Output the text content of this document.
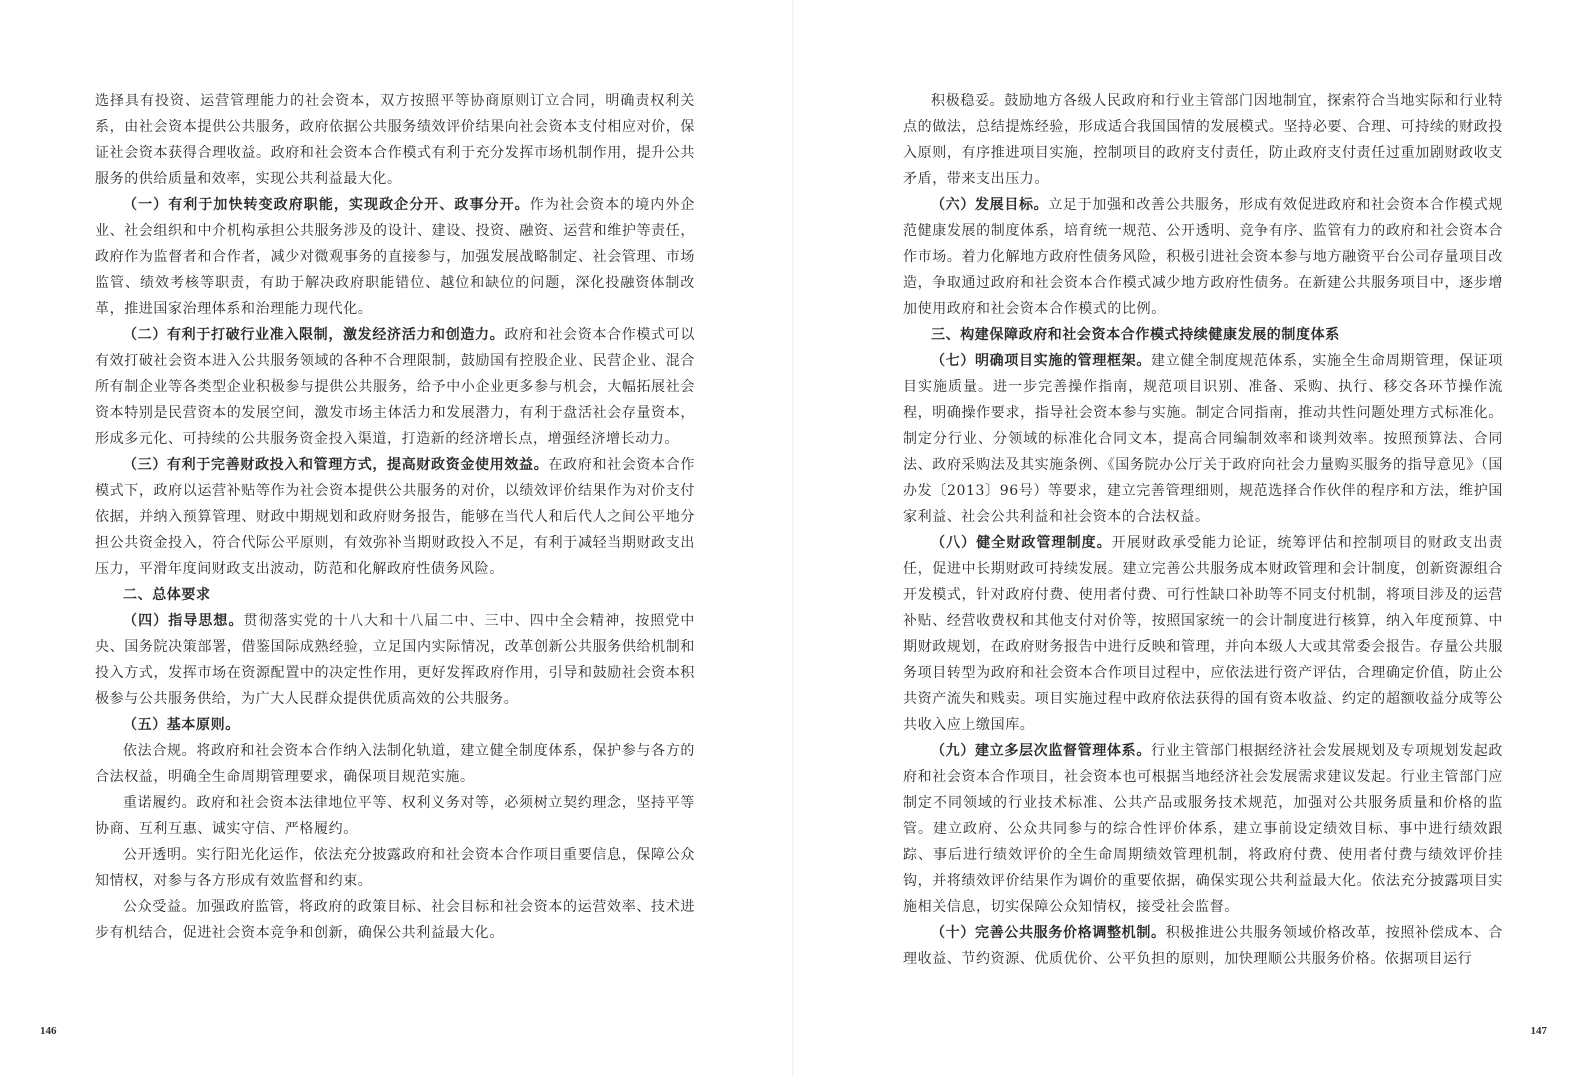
选择具有投资、运营管理能力的社会资本，双方按照平等协商原则订立合同，明确责权利关系，由社会资本提供公共服务，政府依据公共服务绩效评价结果向社会资本支付相应对价，保证社会资本获得合理收益。政府和社会资本合作模式有利于充分发挥市场机制作用，提升公共服务的供给质量和效率，实现公共利益最大化。

（一）有利于加快转变政府职能，实现政企分开、政事分开。作为社会资本的境内外企业、社会组织和中介机构承担公共服务涉及的设计、建设、投资、融资、运营和维护等责任，政府作为监督者和合作者，减少对微观事务的直接参与，加强发展战略制定、社会管理、市场监管、绩效考核等职责，有助于解决政府职能错位、越位和缺位的问题，深化投融资体制改革，推进国家治理体系和治理能力现代化。

（二）有利于打破行业准入限制，激发经济活力和创造力。政府和社会资本合作模式可以有效打破社会资本进入公共服务领域的各种不合理限制，鼓励国有控股企业、民营企业、混合所有制企业等各类型企业积极参与提供公共服务，给予中小企业更多参与机会，大幅拓展社会资本特别是民营资本的发展空间，激发市场主体活力和发展潜力，有利于盘活社会存量资本，形成多元化、可持续的公共服务资金投入渠道，打造新的经济增长点，增强经济增长动力。

（三）有利于完善财政投入和管理方式，提高财政资金使用效益。在政府和社会资本合作模式下，政府以运营补贴等作为社会资本提供公共服务的对价，以绩效评价结果作为对价支付依据，并纳入预算管理、财政中期规划和政府财务报告，能够在当代人和后代人之间公平地分担公共资金投入，符合代际公平原则，有效弥补当期财政投入不足，有利于减轻当期财政支出压力，平滑年度间财政支出波动，防范和化解政府性债务风险。

二、总体要求

（四）指导思想。贯彻落实党的十八大和十八届二中、三中、四中全会精神，按照党中央、国务院决策部署，借鉴国际成熟经验，立足国内实际情况，改革创新公共服务供给机制和投入方式，发挥市场在资源配置中的决定性作用，更好发挥政府作用，引导和鼓励社会资本积极参与公共服务供给，为广大人民群众提供优质高效的公共服务。

（五）基本原则。

依法合规。将政府和社会资本合作纳入法制化轨道，建立健全制度体系，保护参与各方的合法权益，明确全生命周期管理要求，确保项目规范实施。

重诺履约。政府和社会资本法律地位平等、权利义务对等，必须树立契约理念，坚持平等协商、互利互惠、诚实守信、严格履约。

公开透明。实行阳光化运作，依法充分披露政府和社会资本合作项目重要信息，保障公众知情权，对参与各方形成有效监督和约束。

公众受益。加强政府监管，将政府的政策目标、社会目标和社会资本的运营效率、技术进步有机结合，促进社会资本竞争和创新，确保公共利益最大化。

146

积极稳妥。鼓励地方各级人民政府和行业主管部门因地制宜，探索符合当地实际和行业特点的做法，总结提炼经验，形成适合我国国情的发展模式。坚持必要、合理、可持续的财政投入原则，有序推进项目实施，控制项目的政府支付责任，防止政府支付责任过重加剧财政收支矛盾，带来支出压力。

（六）发展目标。立足于加强和改善公共服务，形成有效促进政府和社会资本合作模式规范健康发展的制度体系，培育统一规范、公开透明、竞争有序、监管有力的政府和社会资本合作市场。着力化解地方政府性债务风险，积极引进社会资本参与地方融资平台公司存量项目改造，争取通过政府和社会资本合作模式减少地方政府性债务。在新建公共服务项目中，逐步增加使用政府和社会资本合作模式的比例。

三、构建保障政府和社会资本合作模式持续健康发展的制度体系

（七）明确项目实施的管理框架。建立健全制度规范体系，实施全生命周期管理，保证项目实施质量。进一步完善操作指南，规范项目识别、准备、采购、执行、移交各环节操作流程，明确操作要求，指导社会资本参与实施。制定合同指南，推动共性问题处理方式标准化。制定分行业、分领域的标准化合同文本，提高合同编制效率和谈判效率。按照预算法、合同法、政府采购法及其实施条例、《国务院办公厅关于政府向社会力量购买服务的指导意见》（国办发〔2013〕96号）等要求，建立完善管理细则，规范选择合作伙伴的程序和方法，维护国家利益、社会公共利益和社会资本的合法权益。

（八）健全财政管理制度。开展财政承受能力论证，统筹评估和控制项目的财政支出责任，促进中长期财政可持续发展。建立完善公共服务成本财政管理和会计制度，创新资源组合开发模式，针对政府付费、使用者付费、可行性缺口补助等不同支付机制，将项目涉及的运营补贴、经营收费权和其他支付对价等，按照国家统一的会计制度进行核算，纳入年度预算、中期财政规划，在政府财务报告中进行反映和管理，并向本级人大或其常委会报告。存量公共服务项目转型为政府和社会资本合作项目过程中，应依法进行资产评估，合理确定价值，防止公共资产流失和贱卖。项目实施过程中政府依法获得的国有资本收益、约定的超额收益分成等公共收入应上缴国库。

（九）建立多层次监督管理体系。行业主管部门根据经济社会发展规划及专项规划发起政府和社会资本合作项目，社会资本也可根据当地经济社会发展需求建议发起。行业主管部门应制定不同领域的行业技术标准、公共产品或服务技术规范，加强对公共服务质量和价格的监管。建立政府、公众共同参与的综合性评价体系，建立事前设定绩效目标、事中进行绩效跟踪、事后进行绩效评价的全生命周期绩效管理机制，将政府付费、使用者付费与绩效评价挂钩，并将绩效评价结果作为调价的重要依据，确保实现公共利益最大化。依法充分披露项目实施相关信息，切实保障公众知情权，接受社会监督。

（十）完善公共服务价格调整机制。积极推进公共服务领域价格改革，按照补偿成本、合理收益、节约资源、优质优价、公平负担的原则，加快理顺公共服务价格。依据项目运行

147
